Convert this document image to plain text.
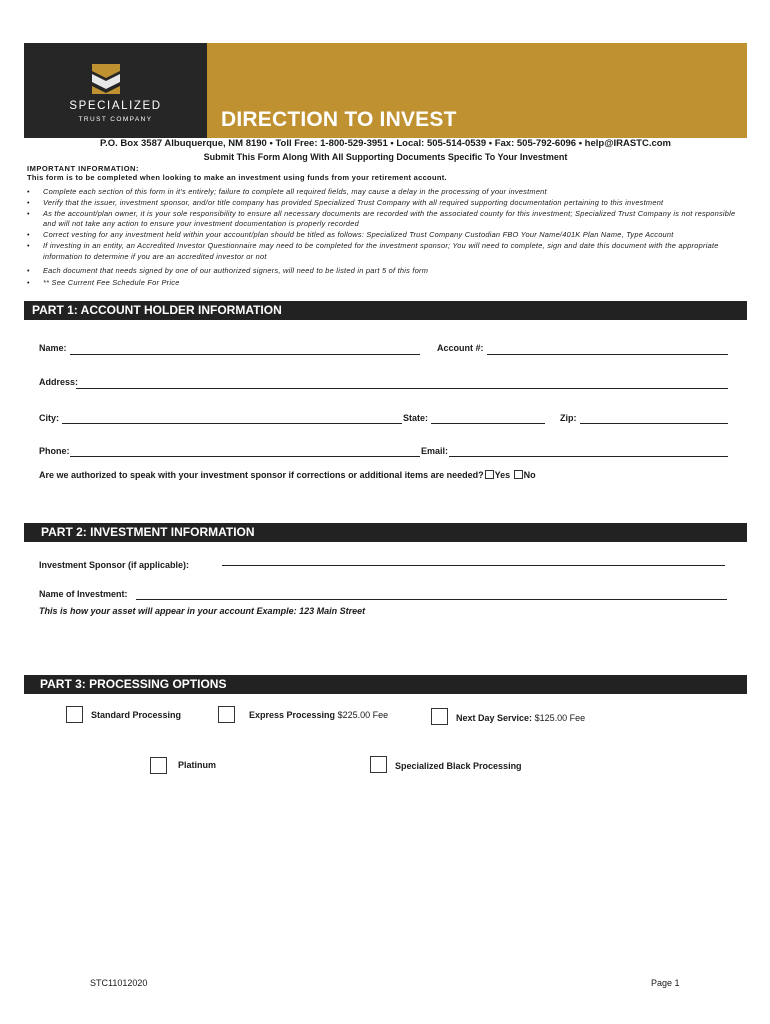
SPECIALIZED
TRUST COMPANY	DIRECTION TO INVEST
P.O. Box 3587 Albuquerque, NM 8190 • Toll Free: 1-800-529-3951 • Local: 505-514-0539 • Fax: 505-792-6096 • help@IRASTC.com
Submit This Form Along With All Supporting Documents Specific To Your Investment
IMPORTANT INFORMATION:
This form is to be completed when looking to make an investment using funds from your retirement account.
• Complete each section of this form in it's entirely; failure to complete all required fields, may cause a delay in the processing of your investment
• Verify that the issuer, investment sponsor, and/or title company has provided Specialized Trust Company with all required supporting documentation pertaining to this investment
• As the account/plan owner, it is your sole responsibility to ensure all necessary documents are recorded with the associated county for this investment; Specialized Trust Company is not responsible and will not take any action to ensure your investment documentation is properly recorded
• Correct vesting for any investment held within your account/plan should be titled as follows: Specialized Trust Company Custodian FBO Your Name/401K Plan Name, Type Account
• If investing in an entity, an Accredited Investor Questionnaire may need to be completed for the investment sponsor; You will need to complete, sign and date this document with the appropriate information to determine if you are an accredited investor or not
• Each document that needs signed by one of our authorized signers, will need to be listed in part 5 of this form
• ** See Current Fee Schedule For Price
PART 1: ACCOUNT HOLDER INFORMATION
Name:	Account #:
Address:
City:	State:	Zip:
Phone:	Email:
Are we authorized to speak with your investment sponsor if corrections or additional items are needed? Yes No
PART 2: INVESTMENT INFORMATION
Investment Sponsor (if applicable):
Name of Investment:
This is how your asset will appear in your account Example: 123 Main Street
PART 3: PROCESSING OPTIONS
Standard Processing	Express Processing $225.00 Fee	Next Day Service: $125.00 Fee
Platinum	Specialized Black Processing
STC11012020	Page 1
